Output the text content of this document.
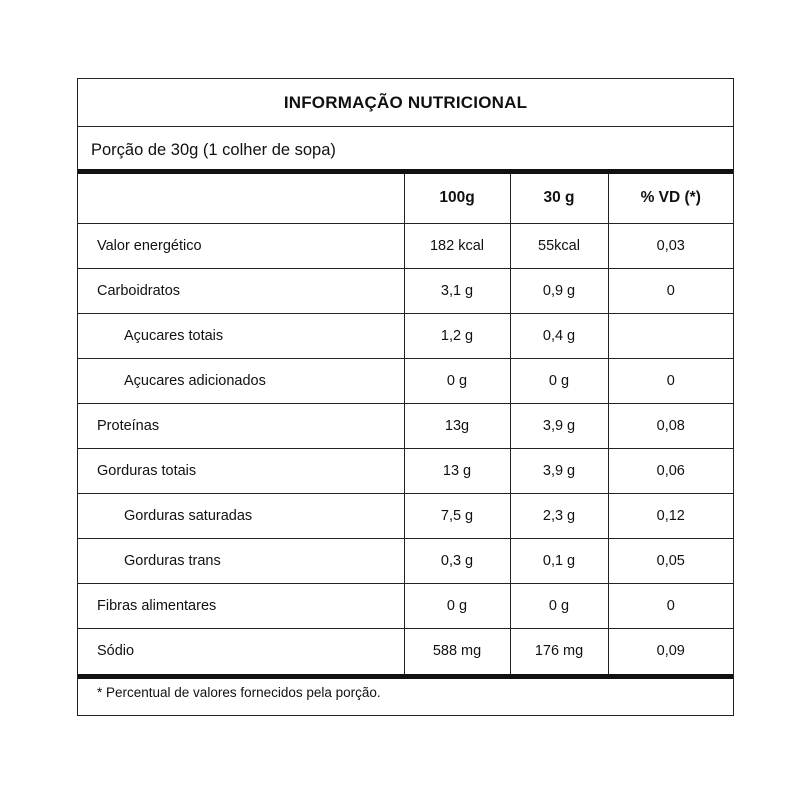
INFORMAÇÃO NUTRICIONAL
Porção de 30g (1 colher de sopa)
	100g	30 g	% VD (*)
Valor energético	182 kcal	55kcal	0,03
Carboidratos	3,1 g	0,9 g	0
Açucares totais	1,2 g	0,4 g	
Açucares adicionados	0 g	0 g	0
Proteínas	13g	3,9 g	0,08
Gorduras totais	13 g	3,9 g	0,06
Gorduras saturadas	7,5 g	2,3 g	0,12
Gorduras trans	0,3 g	0,1 g	0,05
Fibras alimentares	0 g	0 g	0
Sódio	588 mg	176 mg	0,09
* Percentual de valores fornecidos pela porção.
